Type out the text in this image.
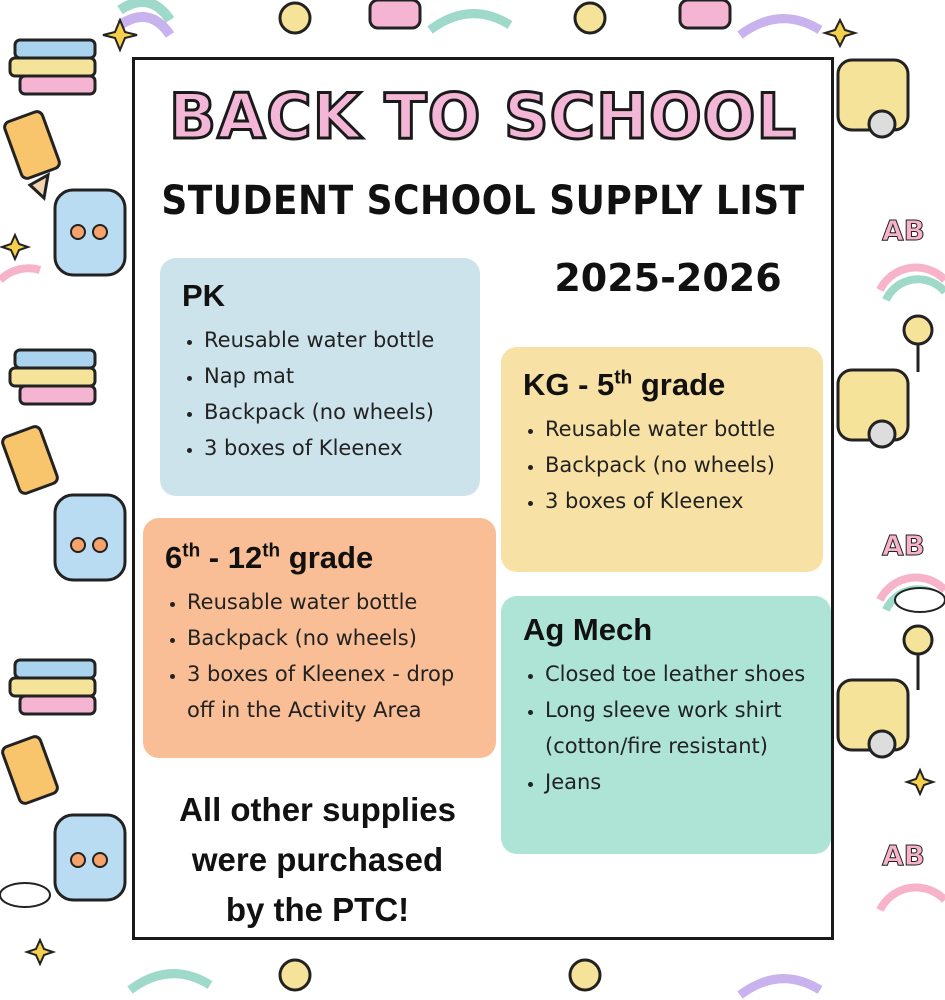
AB
AB
AB
BACK TO SCHOOL
STUDENT SCHOOL SUPPLY LIST
2025-2026
PK
• Reusable water bottle
• Nap mat
• Backpack (no wheels)
• 3 boxes of Kleenex
KG - 5th grade
• Reusable water bottle
• Backpack (no wheels)
• 3 boxes of Kleenex
6th - 12th grade
• Reusable water bottle
• Backpack (no wheels)
• 3 boxes of Kleenex - drop off in the Activity Area
Ag Mech
• Closed toe leather shoes
• Long sleeve work shirt (cotton/fire resistant)
• Jeans
All other supplies
were purchased
by the PTC!
